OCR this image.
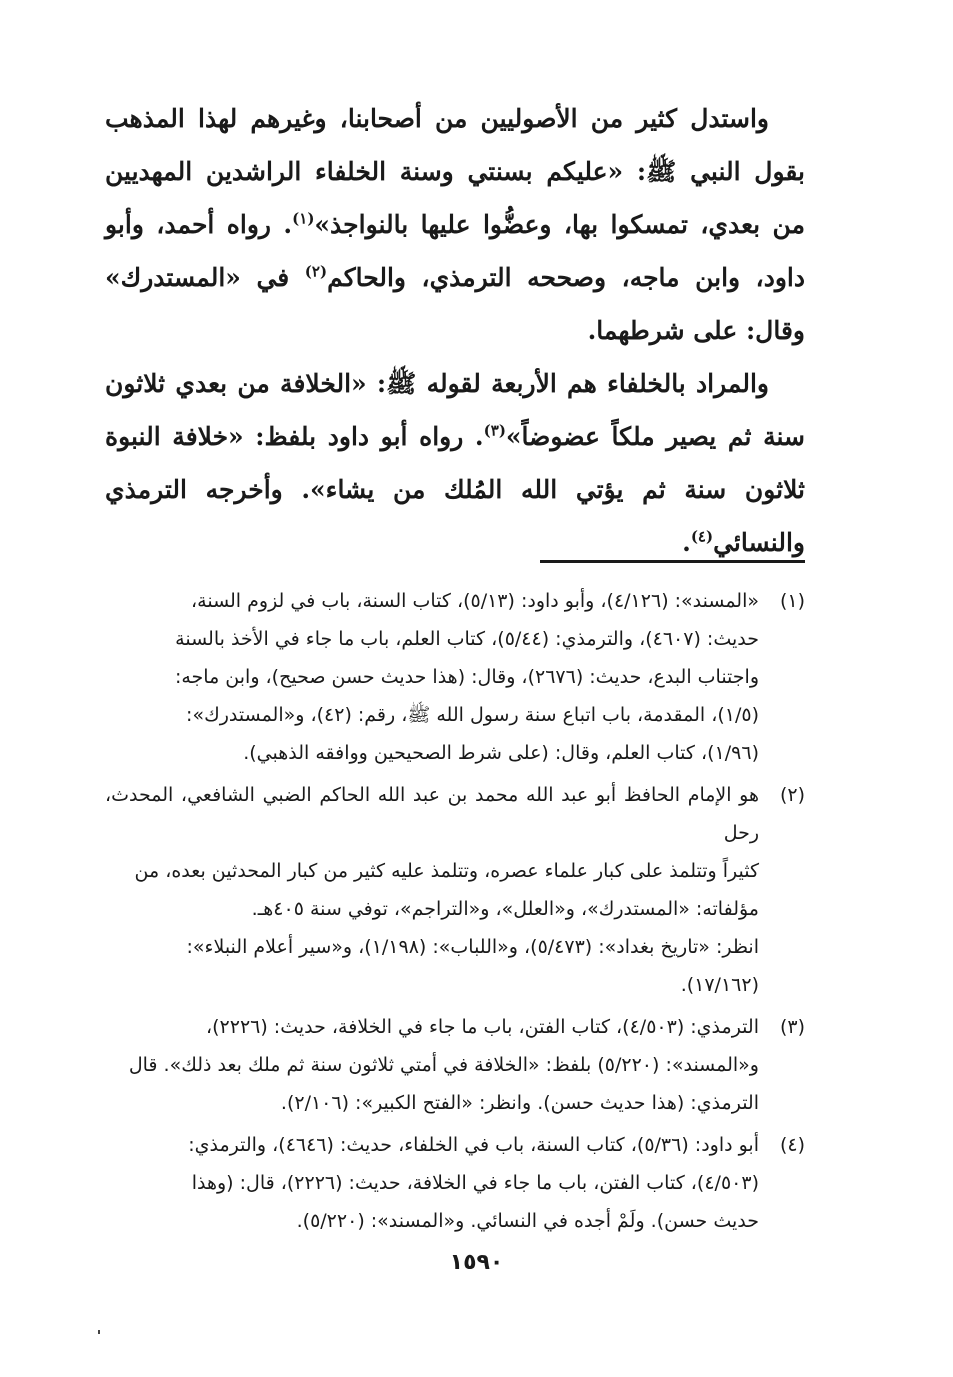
واستدل كثير من الأصوليين من أصحابنا، وغيرهم لهذا المذهب بقول النبي ﷺ: «عليكم بسنتي وسنة الخلفاء الراشدين المهديين من بعدي، تمسكوا بها، وعضُّوا عليها بالنواجذ»$^{(١)}$. رواه أحمد، وأبو داود، وابن ماجه، وصححه الترمذي، والحاكم$^{(٢)}$ في «المستدرك» وقال: على شرطهما.

والمراد بالخلفاء هم الأربعة لقوله ﷺ: «الخلافة من بعدي ثلاثون سنة ثم يصير ملكاً عضوضاً»$^{(٣)}$. رواه أبو داود بلفظ: «خلافة النبوة ثلاثون سنة ثم يؤتي الله المُلك من يشاء». وأخرجه الترمذي والنسائي$^{(٤)}$.

(١)
«المسند»: (٤/١٢٦)، وأبو داود: (٥/١٣)، كتاب السنة، باب في لزوم السنة،
حديث: (٤٦٠٧)، والترمذي: (٥/٤٤)، كتاب العلم، باب ما جاء في الأخذ بالسنة
واجتناب البدع، حديث: (٢٦٧٦)، وقال: (هذا حديث حسن صحيح)، وابن ماجه:
(١/٥)، المقدمة، باب اتباع سنة رسول الله ﷺ، رقم: (٤٢)، و«المستدرك»:
(١/٩٦)، كتاب العلم، وقال: (على شرط الصحيحين ووافقه الذهبي).
(٢)
هو الإمام الحافظ أبو عبد الله محمد بن عبد الله الحاكم الضبي الشافعي، المحدث، رحل
كثيراً وتتلمذ على كبار علماء عصره، وتتلمذ عليه كثير من كبار المحدثين بعده، من
مؤلفاته: «المستدرك»، و«العلل»، و«التراجم»، توفي سنة ٤٠٥هـ.
انظر: «تاريخ بغداد»: (٥/٤٧٣)، و«اللباب»: (١/١٩٨)، و«سير أعلام النبلاء»:
(١٧/١٦٢).
(٣)
الترمذي: (٤/٥٠٣)، كتاب الفتن، باب ما جاء في الخلافة، حديث: (٢٢٢٦)،
و«المسند»: (٥/٢٢٠) بلفظ: «الخلافة في أمتي ثلاثون سنة ثم ملك بعد ذلك». قال
الترمذي: (هذا حديث حسن). وانظر: «الفتح الكبير»: (٢/١٠٦).
(٤)
أبو داود: (٥/٣٦)، كتاب السنة، باب في الخلفاء، حديث: (٤٦٤٦)، والترمذي:
(٤/٥٠٣)، كتاب الفتن، باب ما جاء في الخلافة، حديث: (٢٢٢٦)، قال: (وهذا
حديث حسن). ولَمْ أجده في النسائي. و«المسند»: (٥/٢٢٠).
١٥٩٠
